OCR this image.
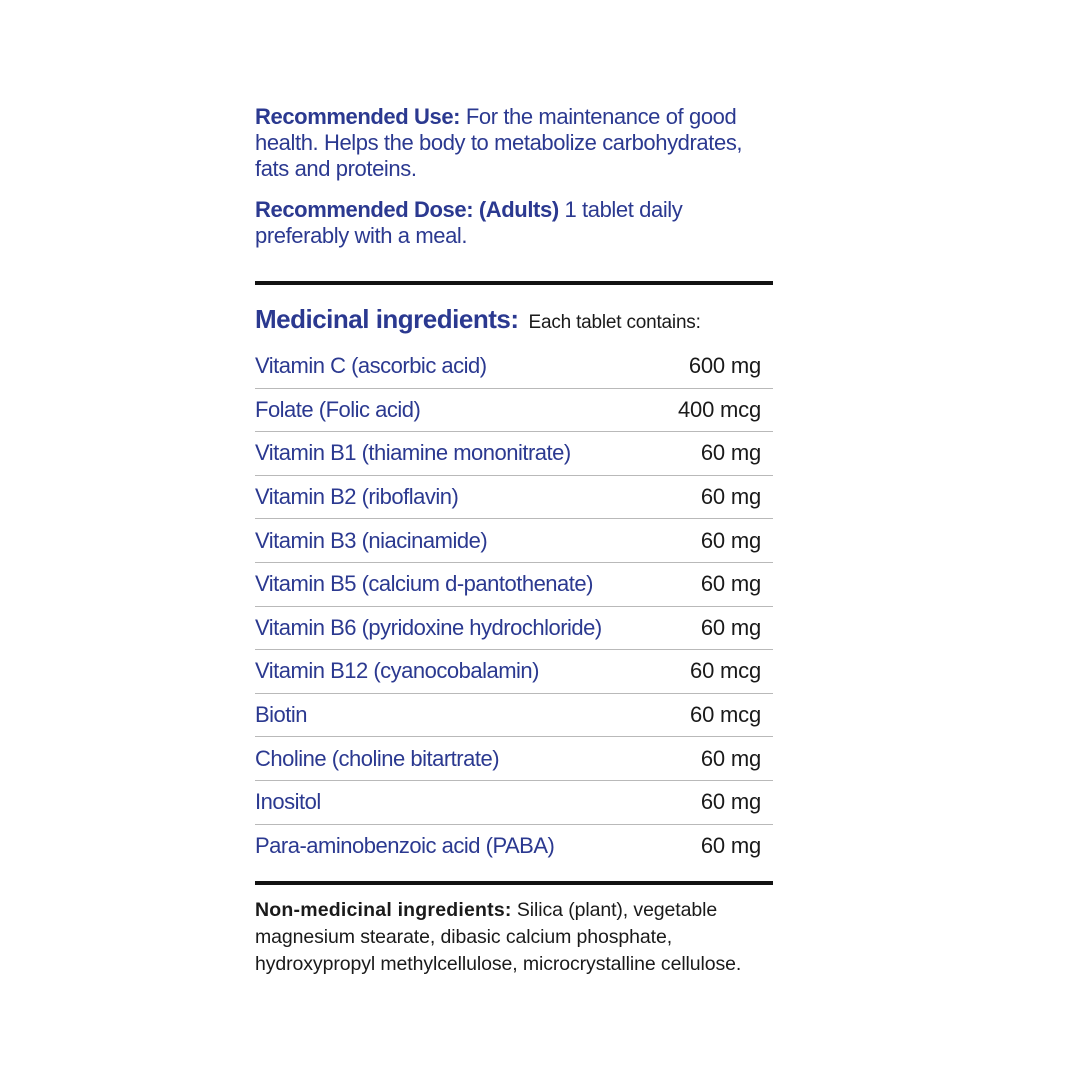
Recommended Use: For the maintenance of good health. Helps the body to metabolize carbohydrates, fats and proteins.

Recommended Dose: (Adults) 1 tablet daily preferably with a meal.

Medicinal ingredients: Each tablet contains:
Vitamin C (ascorbic acid)	600 mg
Folate (Folic acid)	400 mcg
Vitamin B1 (thiamine mononitrate)	60 mg
Vitamin B2 (riboflavin)	60 mg
Vitamin B3 (niacinamide)	60 mg
Vitamin B5 (calcium d-pantothenate)	60 mg
Vitamin B6 (pyridoxine hydrochloride)	60 mg
Vitamin B12 (cyanocobalamin)	60 mcg
Biotin	60 mcg
Choline (choline bitartrate)	60 mg
Inositol	60 mg
Para-aminobenzoic acid (PABA)	60 mg

Non-medicinal ingredients: Silica (plant), vegetable magnesium stearate, dibasic calcium phosphate, hydroxypropyl methylcellulose, microcrystalline cellulose.
